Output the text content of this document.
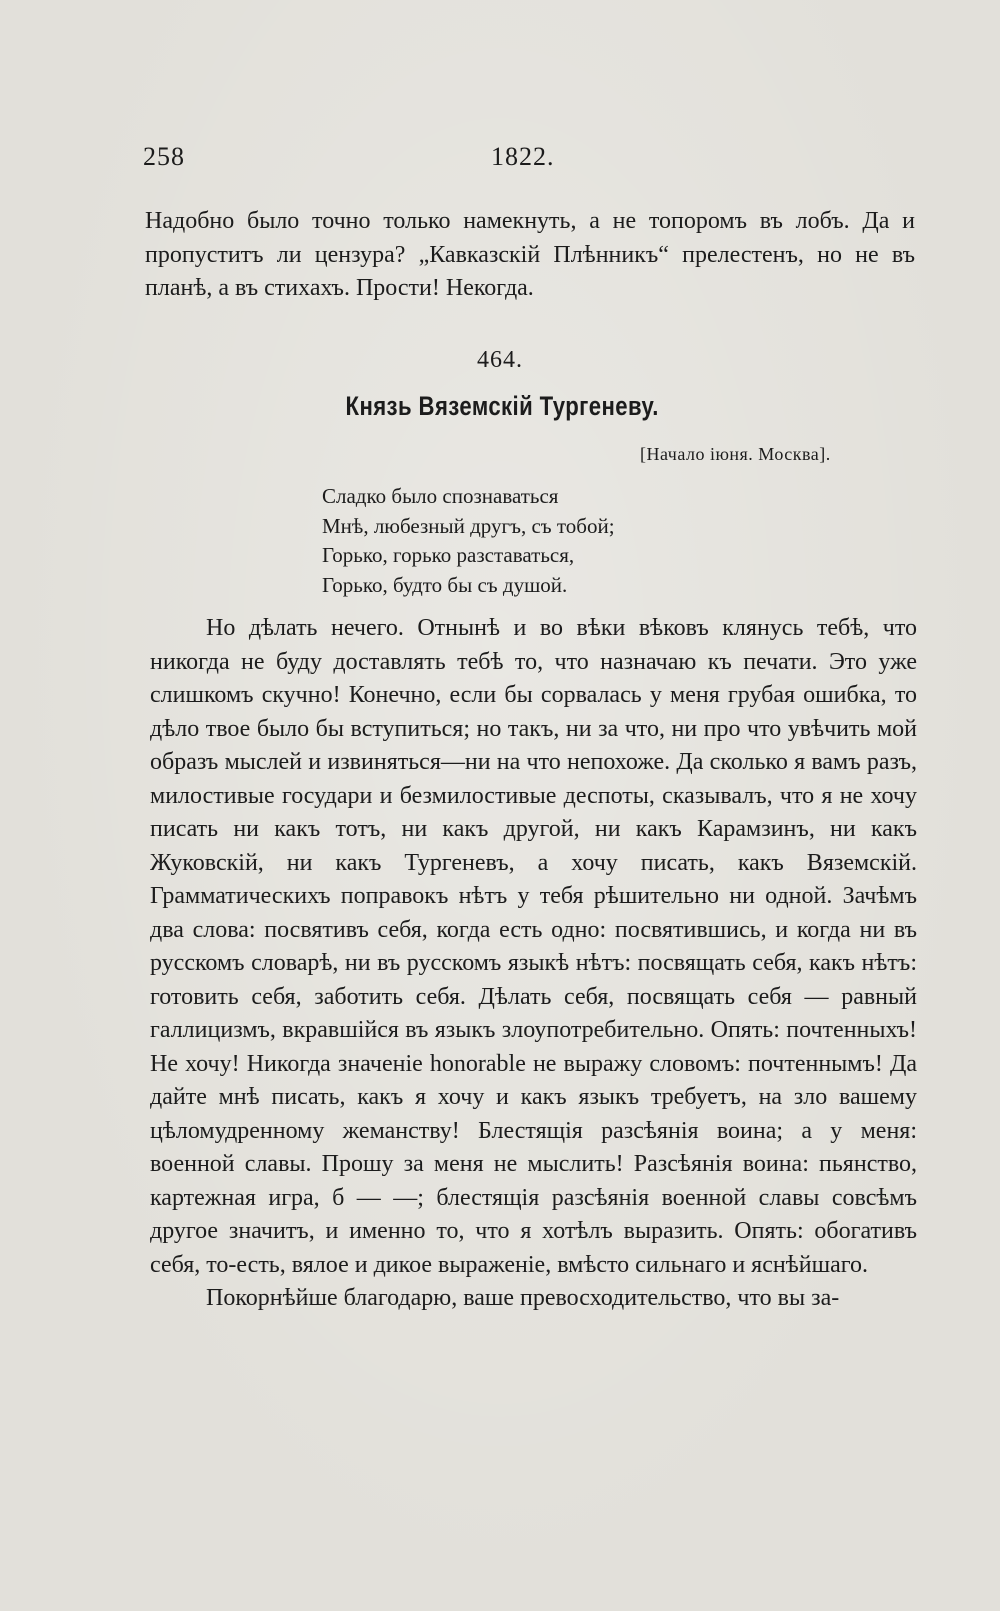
258	1822.

Надобно было точно только намекнуть, а не топоромъ въ лобъ. Да и пропуститъ ли цензура? „Кавказскій Плѣнникъ“ прелестенъ, но не въ планѣ, а въ стихахъ. Прости! Некогда.

464.
Князь Вяземскій Тургеневу.
[Начало іюня. Москва].
Сладко было спознаваться
Мнѣ, любезный другъ, съ тобой;
Горько, горько разставаться,
Горько, будто бы съ душой.

Но дѣлать нечего. Отнынѣ и во вѣки вѣковъ клянусь тебѣ, что никогда не буду доставлять тебѣ то, что назначаю къ печати. Это уже слишкомъ скучно! Конечно, если бы сорвалась у меня грубая ошибка, то дѣло твое было бы вступиться; но такъ, ни за что, ни про что увѣчить мой образъ мыслей и извиняться—ни на что непохоже. Да сколько я вамъ разъ, милостивые государи и безмилостивые деспоты, сказывалъ, что я не хочу писать ни какъ тотъ, ни какъ другой, ни какъ Карамзинъ, ни какъ Жуковскій, ни какъ Тургеневъ, а хочу писать, какъ Вяземскій. Грамматическихъ поправокъ нѣтъ у тебя рѣшительно ни одной. Зачѣмъ два слова: посвятивъ себя, когда есть одно: посвятившись, и когда ни въ русскомъ словарѣ, ни въ русскомъ языкѣ нѣтъ: посвящать себя, какъ нѣтъ: готовить себя, заботить себя. Дѣлать себя, посвящать себя — равный галлицизмъ, вкравшійся въ языкъ злоупотребительно. Опять: почтенныхъ! Не хочу! Никогда значеніе honorable не выражу словомъ: почтеннымъ! Да дайте мнѣ писать, какъ я хочу и какъ языкъ требуетъ, на зло вашему цѣломудренному жеманству! Блестящія разсѣянія воина; а у меня: военной славы. Прошу за меня не мыслить! Разсѣянія воина: пьянство, картежная игра, б — —; блестящія разсѣянія военной славы совсѣмъ другое значитъ, и именно то, что я хотѣлъ выразить. Опять: обогативъ себя, то-есть, вялое и дикое выраженіе, вмѣсто сильнаго и яснѣйшаго.

Покорнѣйше благодарю, ваше превосходительство, что вы за-
